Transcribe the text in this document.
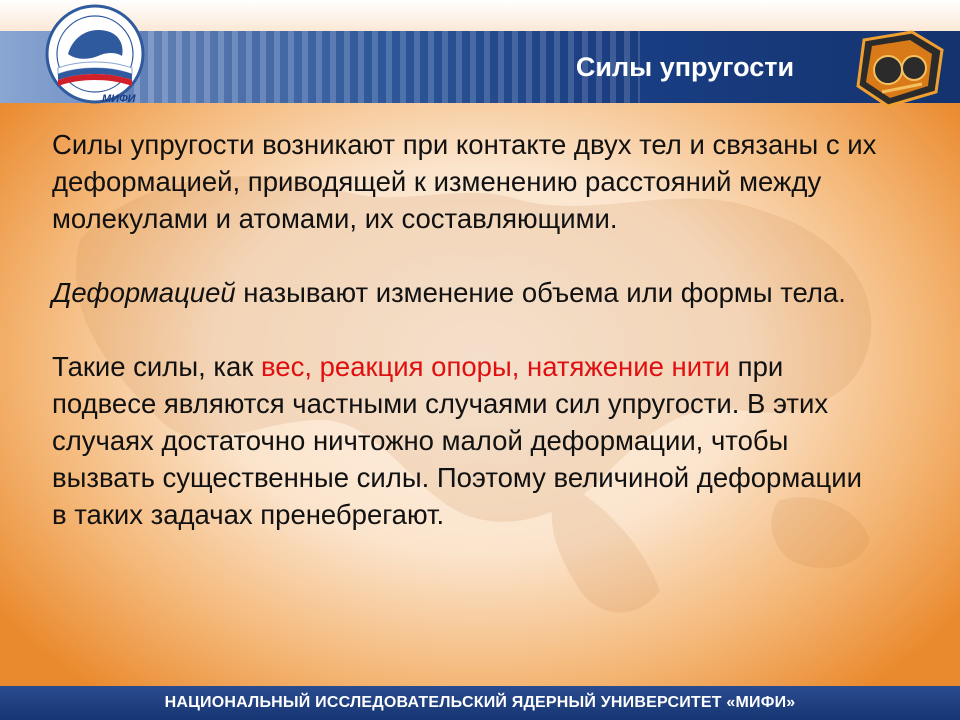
Силы упругости
МИФИ

Силы упругости возникают при контакте двух тел и связаны с их деформацией, приводящей к изменению расстояний между молекулами и атомами, их составляющими.

Деформацией называют изменение объема или формы тела.

Такие силы, как вес, реакция опоры, натяжение нити при подвесе являются частными случаями сил упругости. В этих случаях достаточно ничтожно малой деформации, чтобы вызвать существенные силы. Поэтому величиной деформации в таких задачах пренебрегают.

НАЦИОНАЛЬНЫЙ ИССЛЕДОВАТЕЛЬСКИЙ ЯДЕРНЫЙ УНИВЕРСИТЕТ «МИФИ»
